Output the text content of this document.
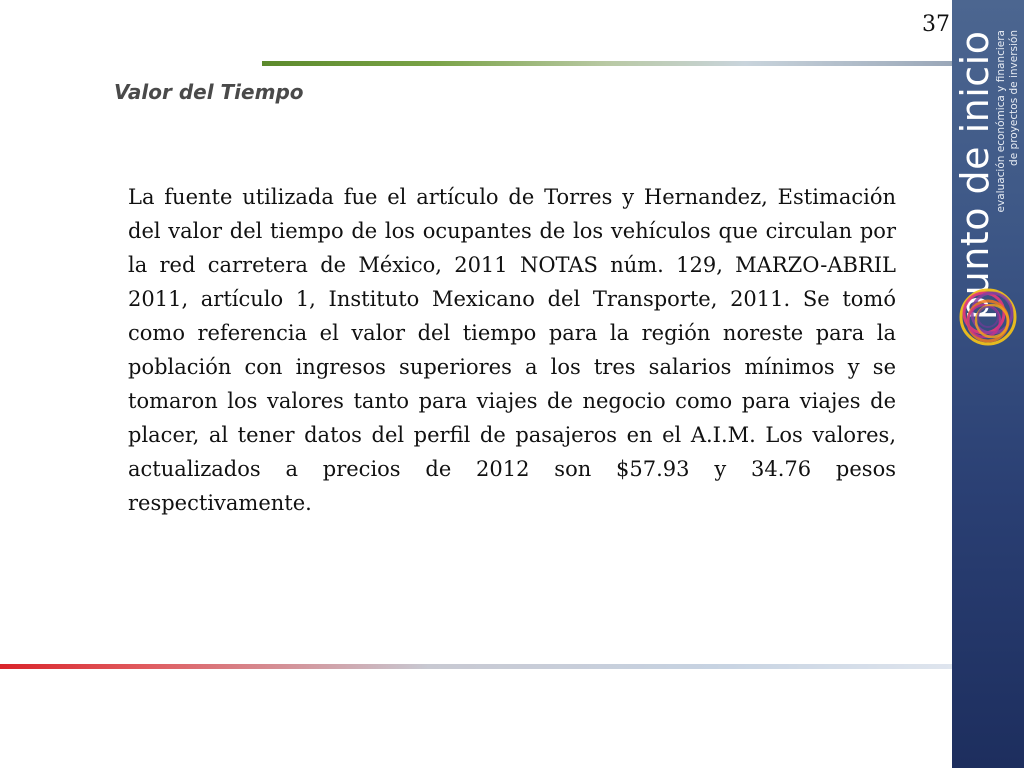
37
Valor del Tiempo

La fuente utilizada fue el artículo de Torres y Hernandez, Estimación del valor del tiempo de los ocupantes de los vehículos que circulan por la red carretera de México, 2011 NOTAS núm. 129, MARZO-ABRIL 2011, artículo 1, Instituto Mexicano del Transporte, 2011. Se tomó como referencia el valor del tiempo para la región noreste para la población con ingresos superiores a los tres salarios mínimos y se tomaron los valores tanto para viajes de negocio como para viajes de placer, al tener datos del perfil de pasajeros en el A.I.M. Los valores, actualizados a precios de 2012 son $57.93 y 34.76 pesos respectivamente.

punto de inicio
evaluación económica y financiera de proyectos de inversión
